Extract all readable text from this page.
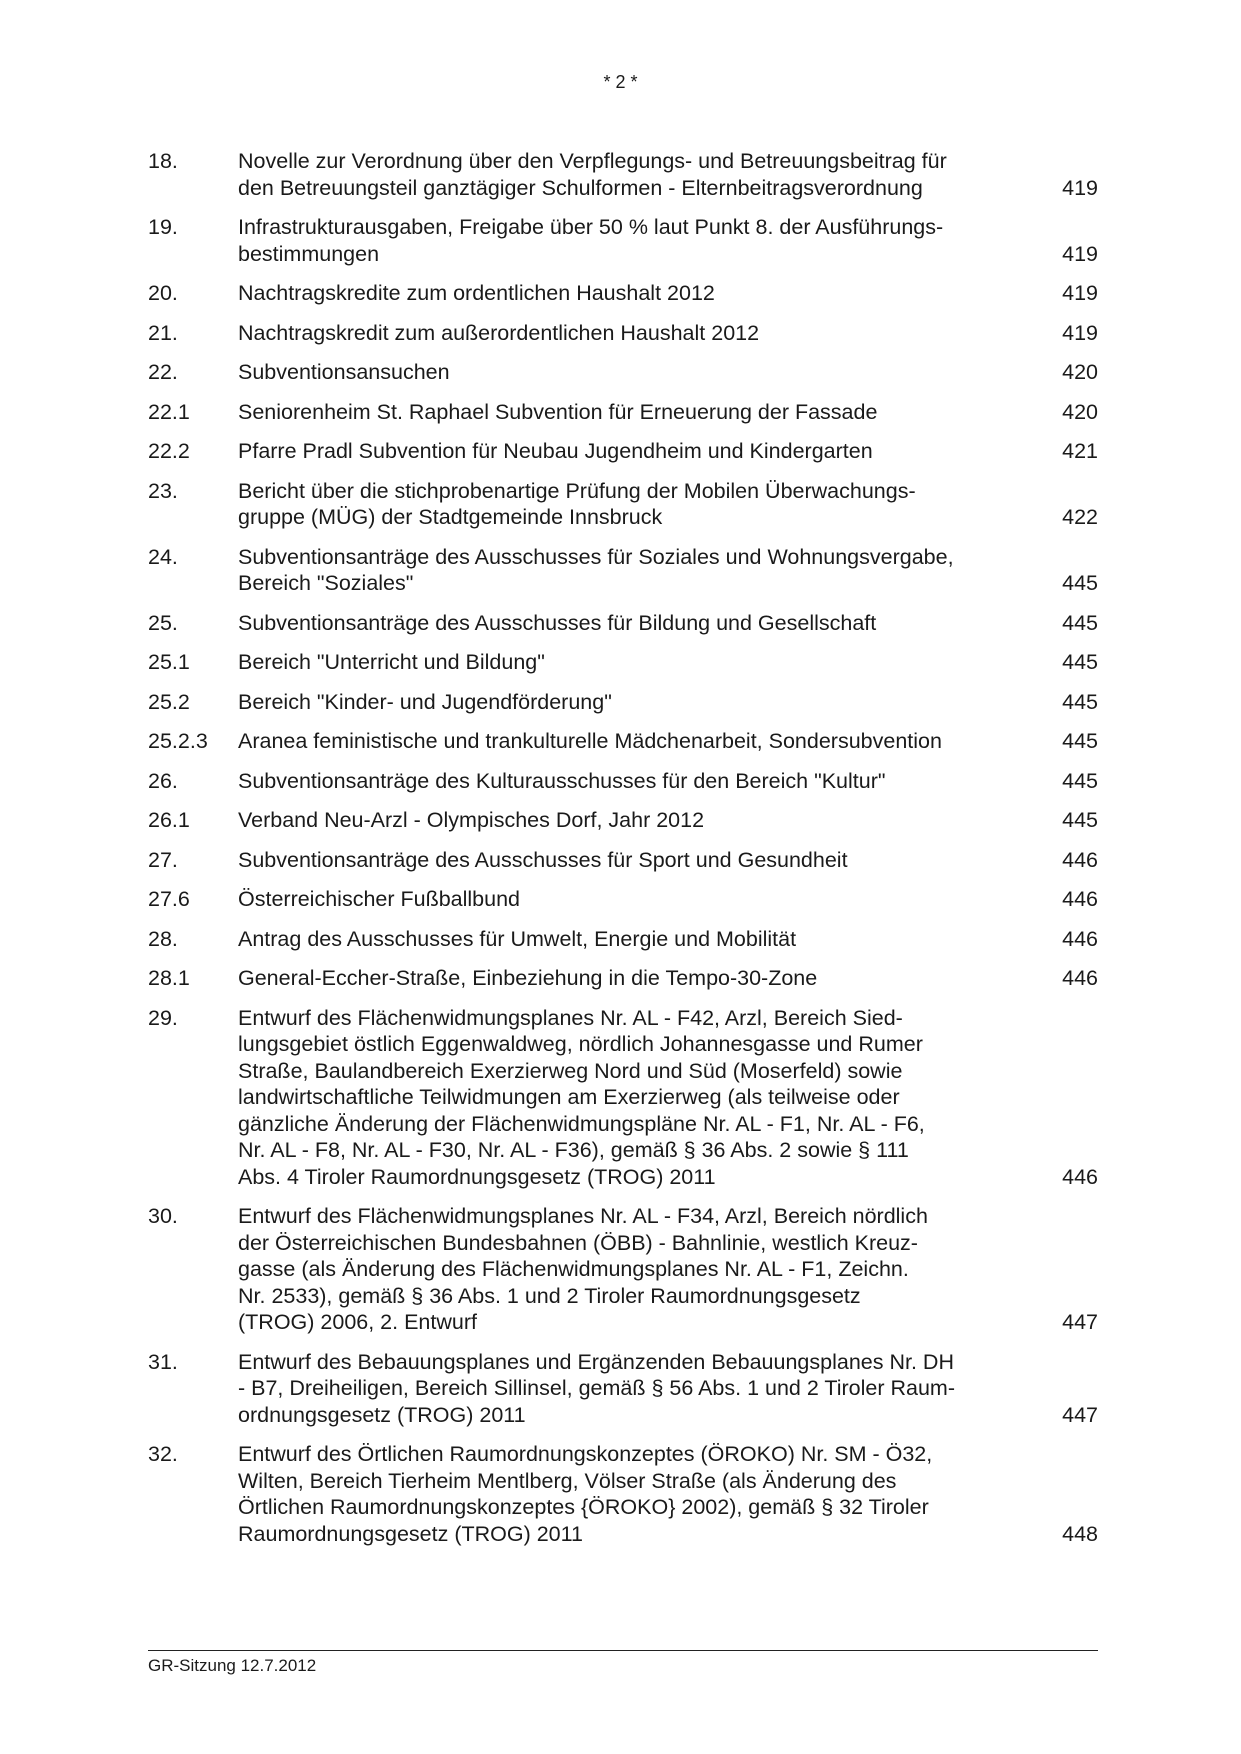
* 2 *
18.	Novelle zur Verordnung über den Verpflegungs- und Betreuungsbeitrag für
den Betreuungsteil ganztägiger Schulformen - Elternbeitragsverordnung	419
19.	Infrastrukturausgaben, Freigabe über 50 % laut Punkt 8. der Ausführungs-
bestimmungen	419
20.	Nachtragskredite zum ordentlichen Haushalt 2012	419
21.	Nachtragskredit zum außerordentlichen Haushalt 2012	419
22.	Subventionsansuchen	420
22.1	Seniorenheim St. Raphael Subvention für Erneuerung der Fassade	420
22.2	Pfarre Pradl Subvention für Neubau Jugendheim und Kindergarten	421
23.	Bericht über die stichprobenartige Prüfung der Mobilen Überwachungs-
gruppe (MÜG) der Stadtgemeinde Innsbruck	422
24.	Subventionsanträge des Ausschusses für Soziales und Wohnungsvergabe,
Bereich "Soziales"	445
25.	Subventionsanträge des Ausschusses für Bildung und Gesellschaft	445
25.1	Bereich "Unterricht und Bildung"	445
25.2	Bereich "Kinder- und Jugendförderung"	445
25.2.3	Aranea feministische und trankulturelle Mädchenarbeit, Sondersubvention	445
26.	Subventionsanträge des Kulturausschusses für den Bereich "Kultur"	445
26.1	Verband Neu-Arzl - Olympisches Dorf, Jahr 2012	445
27.	Subventionsanträge des Ausschusses für Sport und Gesundheit	446
27.6	Österreichischer Fußballbund	446
28.	Antrag des Ausschusses für Umwelt, Energie und Mobilität	446
28.1	General-Eccher-Straße, Einbeziehung in die Tempo-30-Zone	446
29.	Entwurf des Flächenwidmungsplanes Nr. AL - F42, Arzl, Bereich Sied-
lungsgebiet östlich Eggenwaldweg, nördlich Johannesgasse und Rumer
Straße, Baulandbereich Exerzierweg Nord und Süd (Moserfeld) sowie
landwirtschaftliche Teilwidmungen am Exerzierweg (als teilweise oder
gänzliche Änderung der Flächenwidmungspläne Nr. AL - F1, Nr. AL - F6,
Nr. AL - F8, Nr. AL - F30, Nr. AL - F36), gemäß § 36 Abs. 2 sowie § 111
Abs. 4 Tiroler Raumordnungsgesetz (TROG) 2011	446
30.	Entwurf des Flächenwidmungsplanes Nr. AL - F34, Arzl, Bereich nördlich
der Österreichischen Bundesbahnen (ÖBB) - Bahnlinie, westlich Kreuz-
gasse (als Änderung des Flächenwidmungsplanes Nr. AL - F1, Zeichn.
Nr. 2533), gemäß § 36 Abs. 1 und 2 Tiroler Raumordnungsgesetz
(TROG) 2006, 2. Entwurf	447
31.	Entwurf des Bebauungsplanes und Ergänzenden Bebauungsplanes Nr. DH
- B7, Dreiheiligen, Bereich Sillinsel, gemäß § 56 Abs. 1 und 2 Tiroler Raum-
ordnungsgesetz (TROG) 2011	447
32.	Entwurf des Örtlichen Raumordnungskonzeptes (ÖROKO) Nr. SM - Ö32,
Wilten, Bereich Tierheim Mentlberg, Völser Straße (als Änderung des
Örtlichen Raumordnungskonzeptes {ÖROKO} 2002), gemäß § 32 Tiroler
Raumordnungsgesetz (TROG) 2011	448
GR-Sitzung 12.7.2012
